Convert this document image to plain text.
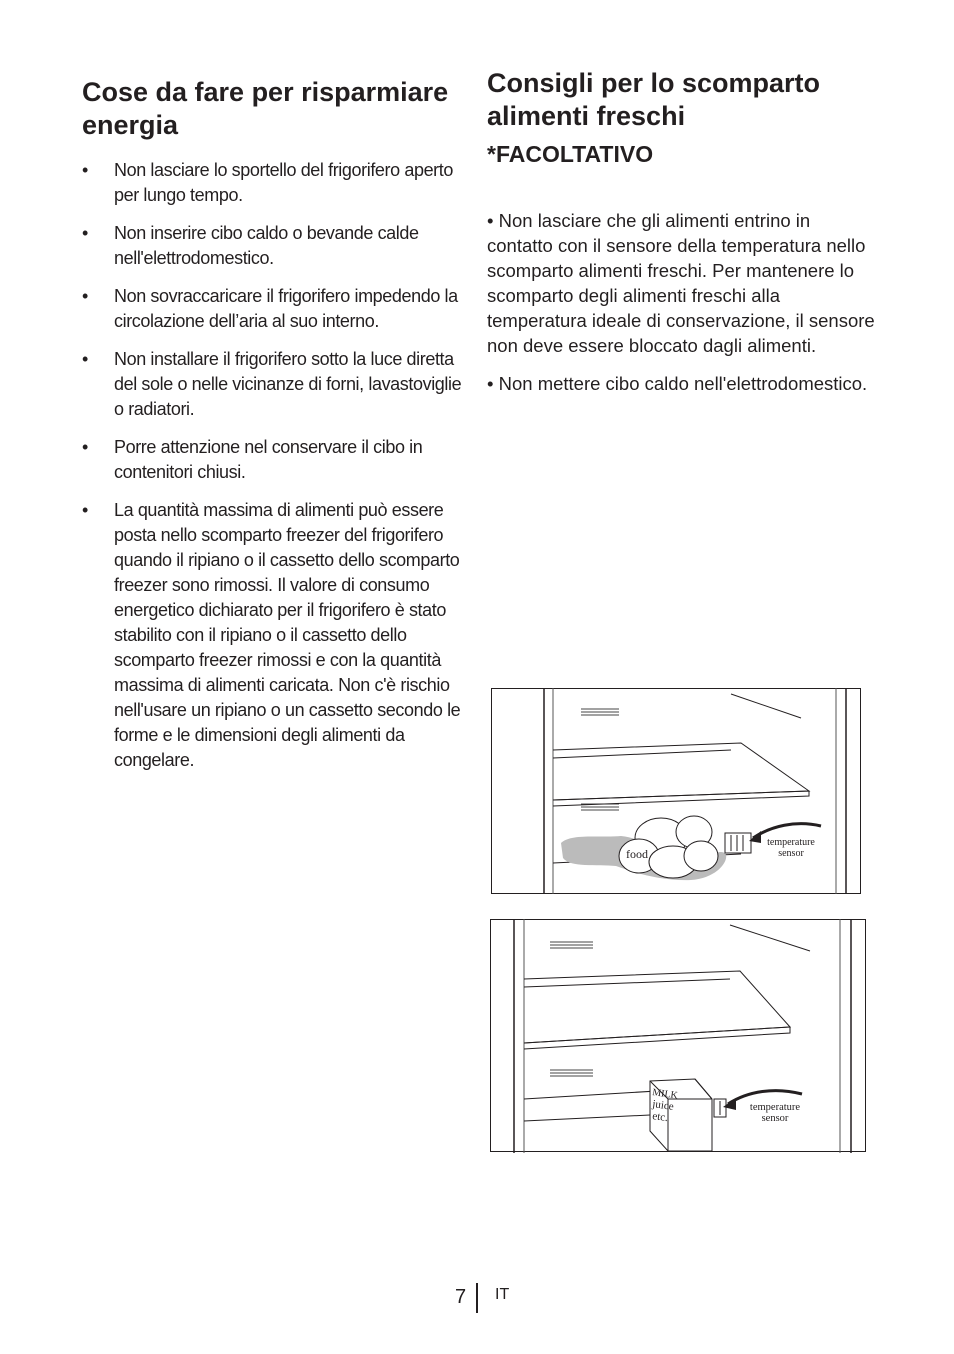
Cose da fare per risparmiare energia
• Non lasciare lo sportello del frigorifero aperto per lungo tempo.
• Non inserire cibo caldo o bevande calde nell'elettrodomestico.
• Non sovraccaricare il frigorifero impedendo la circolazione dell’aria al suo interno.
• Non installare il frigorifero sotto la luce diretta del sole o nelle vicinanze di forni, lavastoviglie o radiatori.
• Porre attenzione nel conservare il cibo in contenitori chiusi.
• La quantità massima di alimenti può essere posta nello scomparto freezer del frigorifero quando il ripiano o il cassetto dello scomparto freezer sono rimossi. Il valore di consumo energetico dichiarato per il frigorifero è stato stabilito con il ripiano o il cassetto dello scomparto freezer rimossi e con la quantità massima di alimenti caricata. Non c'è rischio nell'usare un ripiano o un cassetto secondo le forme e le dimensioni degli alimenti da congelare.
Consigli per lo scomparto alimenti freschi
*FACOLTATIVO

• Non lasciare che gli alimenti entrino in contatto con il sensore della temperatura nello scomparto alimenti freschi. Per mantenere lo scomparto degli alimenti freschi alla temperatura ideale di conservazione, il sensore non deve essere bloccato dagli alimenti.

• Non mettere cibo caldo nell'elettrodomestico.

food
temperature
sensor
MILK
juice
etc.
temperature
sensor
7 IT
